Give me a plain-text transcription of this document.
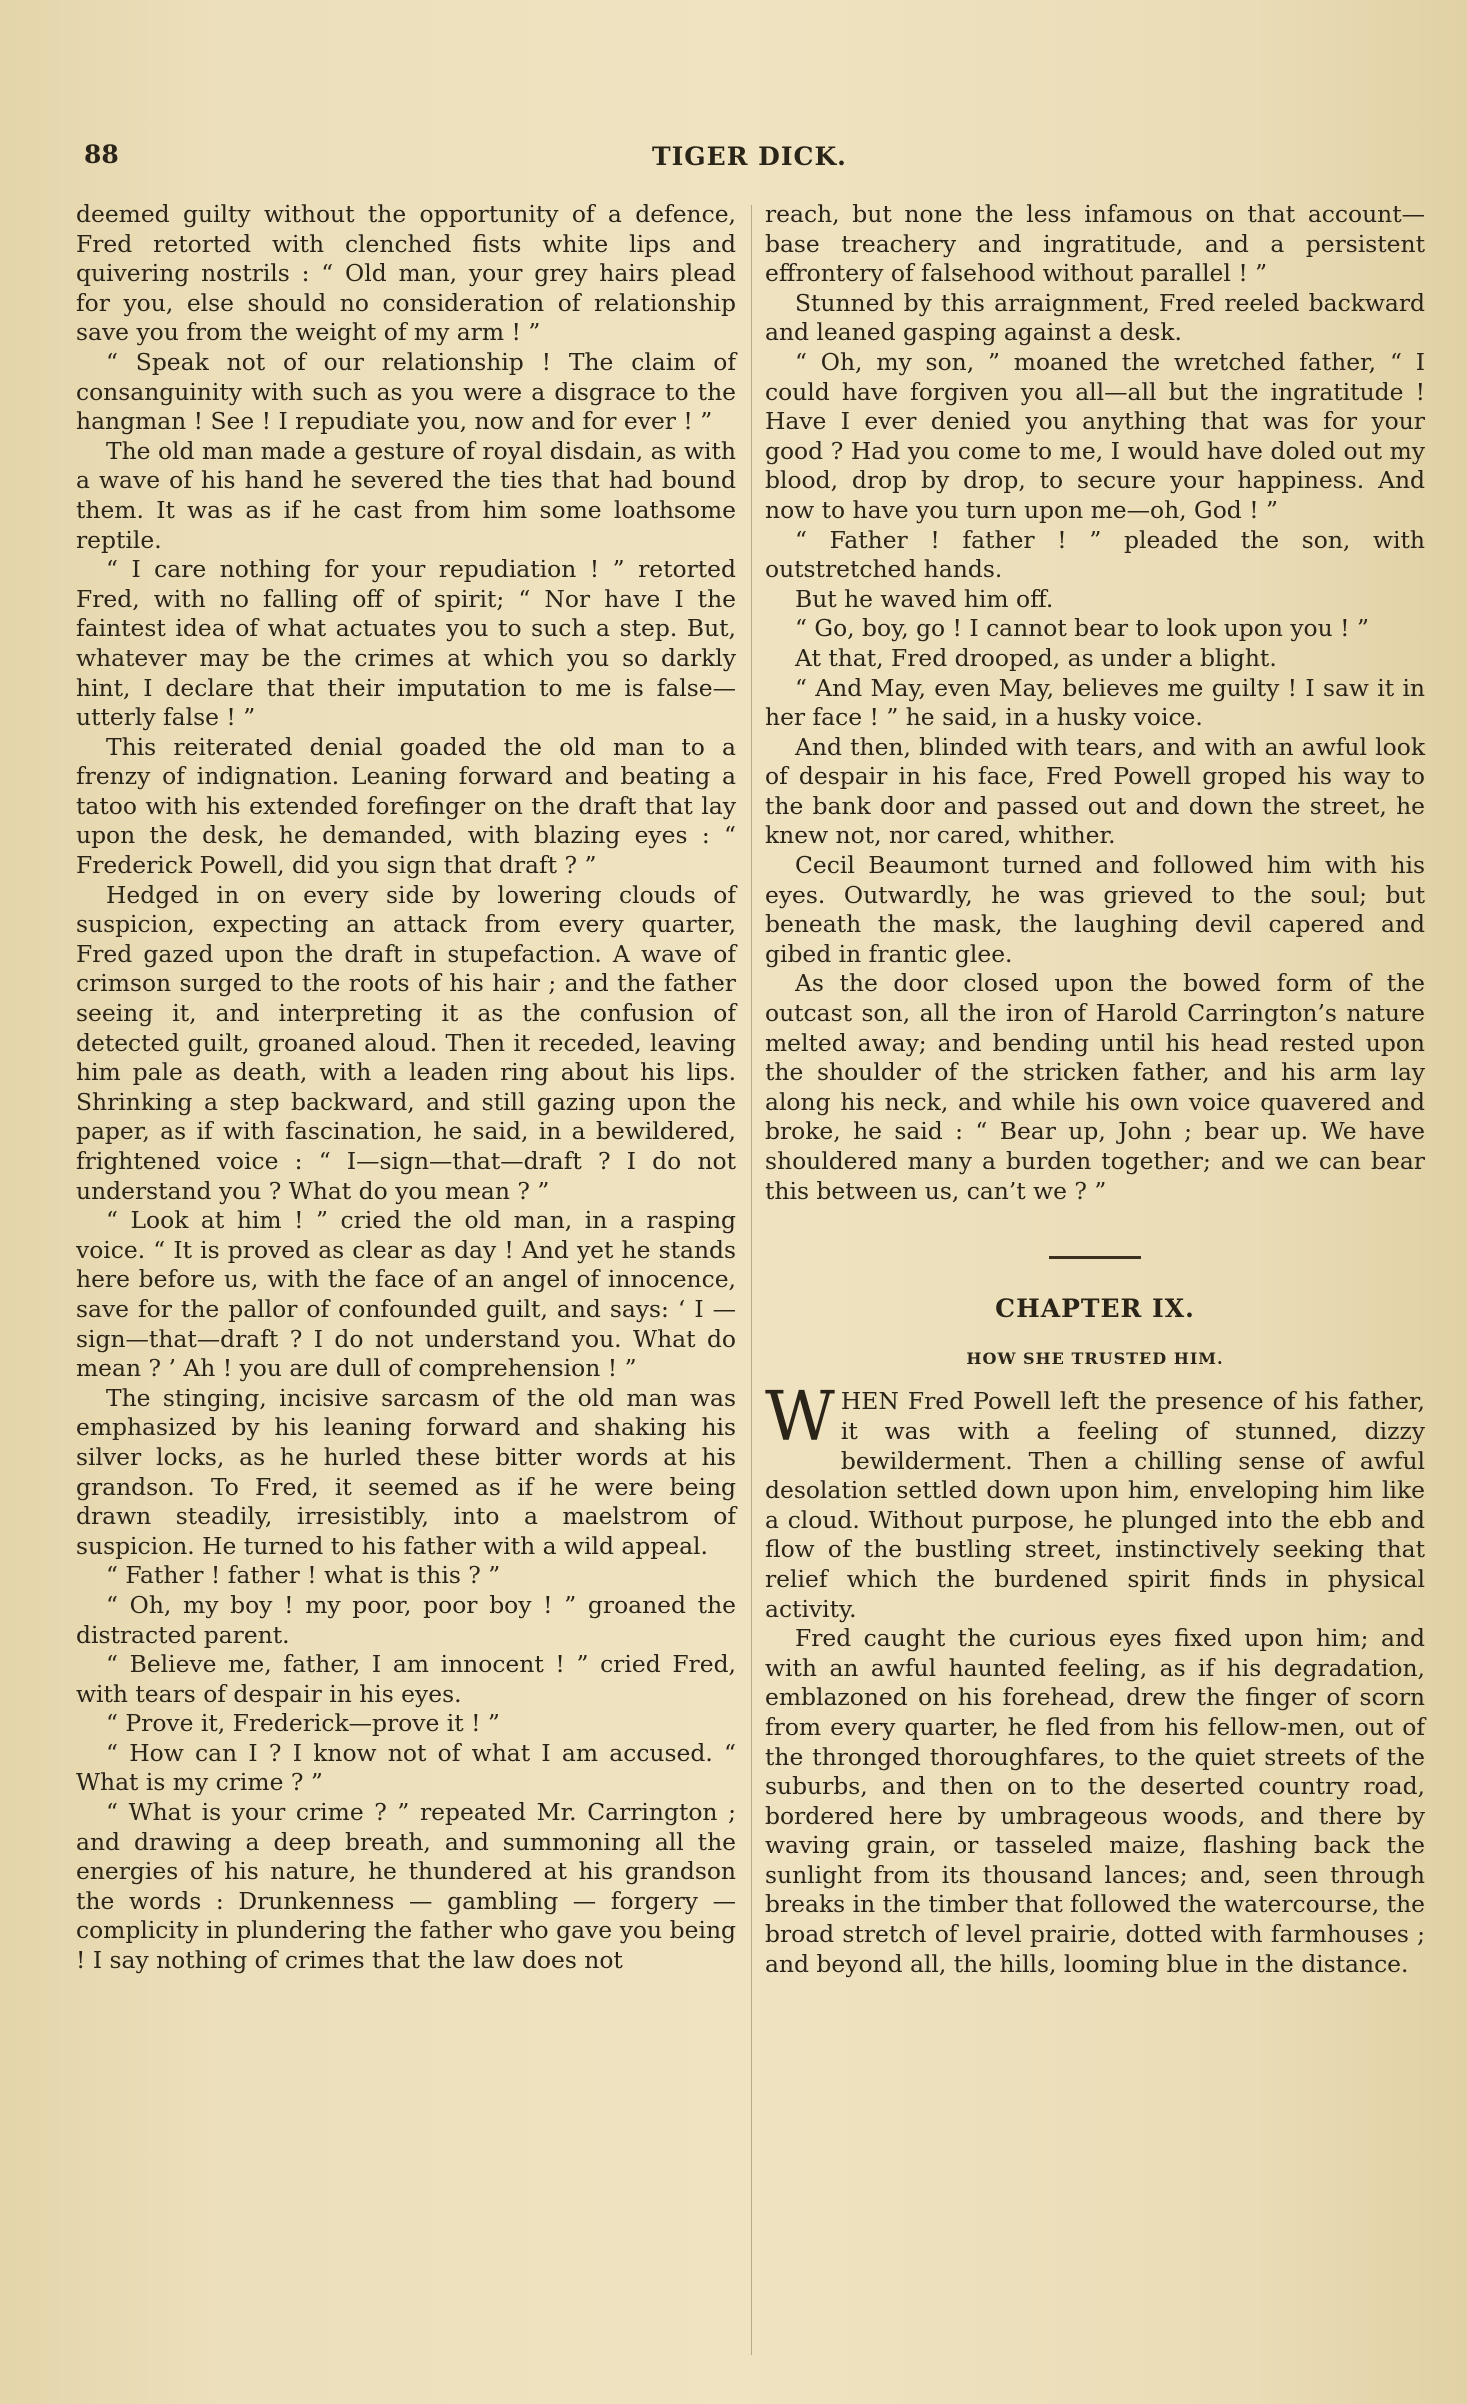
88	TIGER DICK.

deemed guilty without the opportunity of a defence, Fred retorted with clenched fists white lips and quivering nostrils : “ Old man, your grey hairs plead for you, else should no consideration of relationship save you from the weight of my arm ! ”

“ Speak not of our relationship ! The claim of consanguinity with such as you were a disgrace to the hangman ! See ! I repudiate you, now and for ever ! ”

The old man made a gesture of royal disdain, as with a wave of his hand he severed the ties that had bound them. It was as if he cast from him some loathsome reptile.

“ I care nothing for your repudiation ! ” retorted Fred, with no falling off of spirit; “ Nor have I the faintest idea of what actuates you to such a step. But, whatever may be the crimes at which you so darkly hint, I declare that their imputation to me is false—utterly false ! ”

This reiterated denial goaded the old man to a frenzy of indignation. Leaning forward and beating a tatoo with his extended forefinger on the draft that lay upon the desk, he demanded, with blazing eyes : “ Frederick Powell, did you sign that draft ? ”

Hedged in on every side by lowering clouds of suspicion, expecting an attack from every quarter, Fred gazed upon the draft in stupefaction. A wave of crimson surged to the roots of his hair ; and the father seeing it, and interpreting it as the confusion of detected guilt, groaned aloud. Then it receded, leaving him pale as death, with a leaden ring about his lips. Shrinking a step backward, and still gazing upon the paper, as if with fascination, he said, in a bewildered, frightened voice : “ I—sign—that—draft ? I do not understand you ? What do you mean ? ”

“ Look at him ! ” cried the old man, in a rasping voice. “ It is proved as clear as day ! And yet he stands here before us, with the face of an angel of innocence, save for the pallor of confounded guilt, and says: ‘ I —sign—that—draft ? I do not understand you. What do mean ? ’ Ah ! you are dull of comprehension ! ”

The stinging, incisive sarcasm of the old man was emphasized by his leaning forward and shaking his silver locks, as he hurled these bitter words at his grandson. To Fred, it seemed as if he were being drawn steadily, irresistibly, into a maelstrom of suspicion. He turned to his father with a wild appeal.

“ Father ! father ! what is this ? ”

“ Oh, my boy ! my poor, poor boy ! ” groaned the distracted parent.

“ Believe me, father, I am innocent ! ” cried Fred, with tears of despair in his eyes.

“ Prove it, Frederick—prove it ! ”

“ How can I ? I know not of what I am accused. “ What is my crime ? ”

“ What is your crime ? ” repeated Mr. Carrington ; and drawing a deep breath, and summoning all the energies of his nature, he thundered at his grandson the words : Drunkenness — gambling — forgery — complicity in plundering the father who gave you being ! I say nothing of crimes that the law does not

reach, but none the less infamous on that account—base treachery and ingratitude, and a persistent effrontery of falsehood without parallel ! ”

Stunned by this arraignment, Fred reeled backward and leaned gasping against a desk.

“ Oh, my son, ” moaned the wretched father, “ I could have forgiven you all—all but the ingratitude ! Have I ever denied you anything that was for your good ? Had you come to me, I would have doled out my blood, drop by drop, to secure your happiness. And now to have you turn upon me—oh, God ! ”

“ Father ! father ! ” pleaded the son, with outstretched hands.

But he waved him off.

“ Go, boy, go ! I cannot bear to look upon you ! ”

At that, Fred drooped, as under a blight.

“ And May, even May, believes me guilty ! I saw it in her face ! ” he said, in a husky voice.

And then, blinded with tears, and with an awful look of despair in his face, Fred Powell groped his way to the bank door and passed out and down the street, he knew not, nor cared, whither.

Cecil Beaumont turned and followed him with his eyes. Outwardly, he was grieved to the soul; but beneath the mask, the laughing devil capered and gibed in frantic glee.

As the door closed upon the bowed form of the outcast son, all the iron of Harold Carrington’s nature melted away; and bending until his head rested upon the shoulder of the stricken father, and his arm lay along his neck, and while his own voice quavered and broke, he said : “ Bear up, John ; bear up. We have shouldered many a burden together; and we can bear this between us, can’t we ? ”

CHAPTER IX.
HOW SHE TRUSTED HIM.

W HEN Fred Powell left the presence of his father, it was with a feeling of stunned, dizzy bewilderment. Then a chilling sense of awful desolation settled down upon him, enveloping him like a cloud. Without purpose, he plunged into the ebb and flow of the bustling street, instinctively seeking that relief which the burdened spirit finds in physical activity.

Fred caught the curious eyes fixed upon him; and with an awful haunted feeling, as if his degradation, emblazoned on his forehead, drew the finger of scorn from every quarter, he fled from his fellow-men, out of the thronged thoroughfares, to the quiet streets of the suburbs, and then on to the deserted country road, bordered here by umbrageous woods, and there by waving grain, or tasseled maize, flashing back the sunlight from its thousand lances; and, seen through breaks in the timber that followed the watercourse, the broad stretch of level prairie, dotted with farmhouses ; and beyond all, the hills, looming blue in the distance.
